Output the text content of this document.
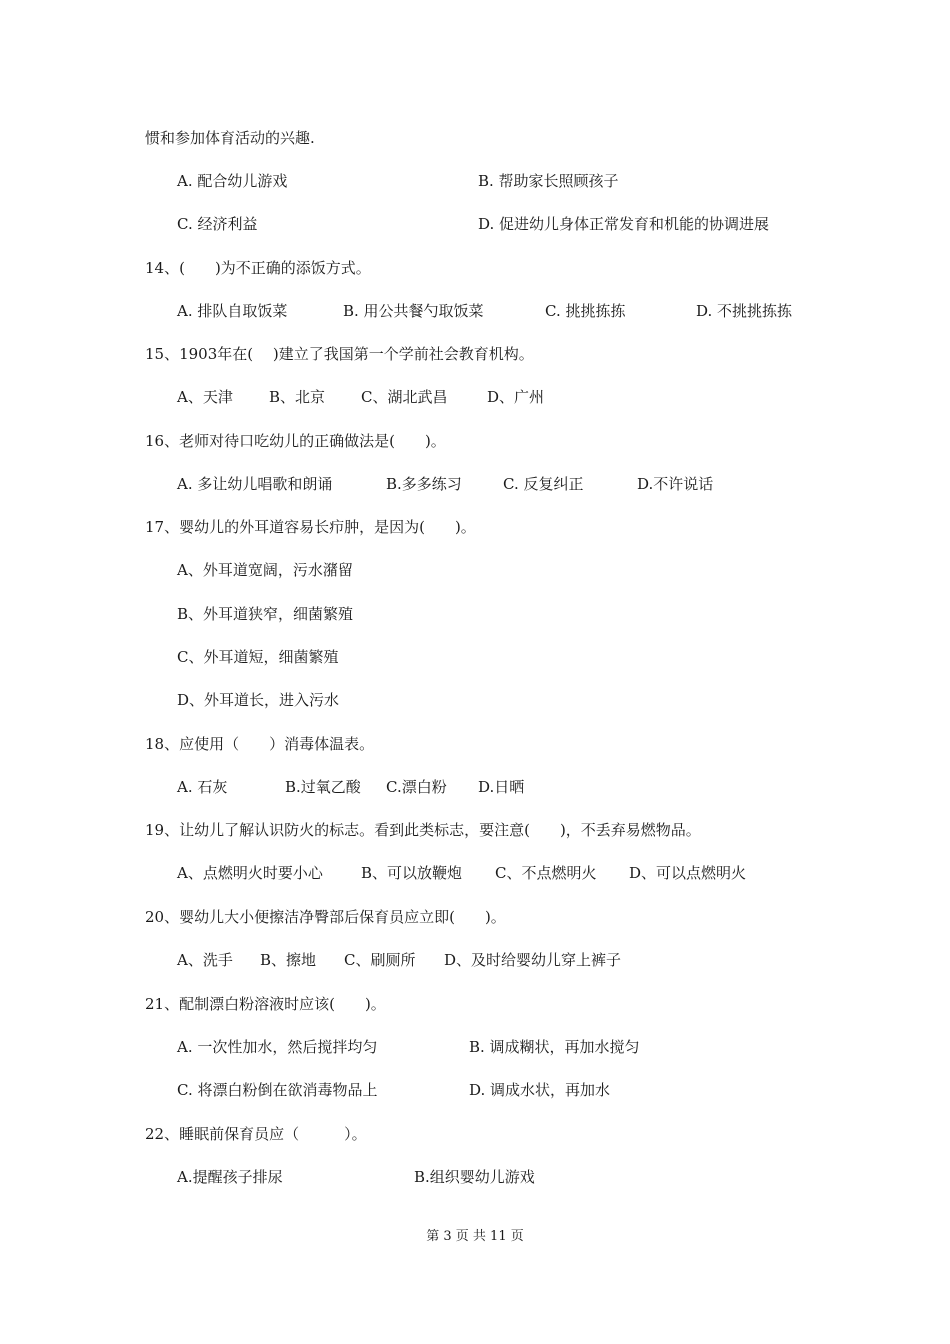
惯和参加体育活动的兴趣.
A. 配合幼儿游戏	B. 帮助家长照顾孩子
C. 经济利益	D. 促进幼儿身体正常发育和机能的协调进展
14、(　　)为不正确的添饭方式。
A. 排队自取饭菜	B. 用公共餐勺取饭菜	C. 挑挑拣拣	D. 不挑挑拣拣
15、1903年在(　 )建立了我国第一个学前社会教育机构。
A、天津 B、北京 C、湖北武昌	D、广州
16、老师对待口吃幼儿的正确做法是(　　)。
A. 多让幼儿唱歌和朗诵	B.多多练习	C. 反复纠正	D.不许说话
17、婴幼儿的外耳道容易长疖肿，是因为(　　)。
A、外耳道宽阔，污水潴留
B、外耳道狭窄，细菌繁殖
C、外耳道短，细菌繁殖
D、外耳道长，进入污水
18、应使用（　　）消毒体温表。
A. 石灰	B.过氧乙酸 C.漂白粉 D.日晒
19、让幼儿了解认识防火的标志。看到此类标志，要注意(　　)，不丢弃易燃物品。
A、点燃明火时要小心	B、可以放鞭炮 C、不点燃明火 D、可以点燃明火
20、婴幼儿大小便擦洁净臀部后保育员应立即(　　)。
A、洗手 B、擦地 C、刷厕所 D、及时给婴幼儿穿上裤子
21、配制漂白粉溶液时应该(　　)。
A. 一次性加水，然后搅拌均匀	B. 调成糊状，再加水搅匀
C. 将漂白粉倒在欲消毒物品上	D. 调成水状，再加水
22、睡眠前保育员应（　　　）。
A.提醒孩子排尿	B.组织婴幼儿游戏
第 3 页 共 11 页
